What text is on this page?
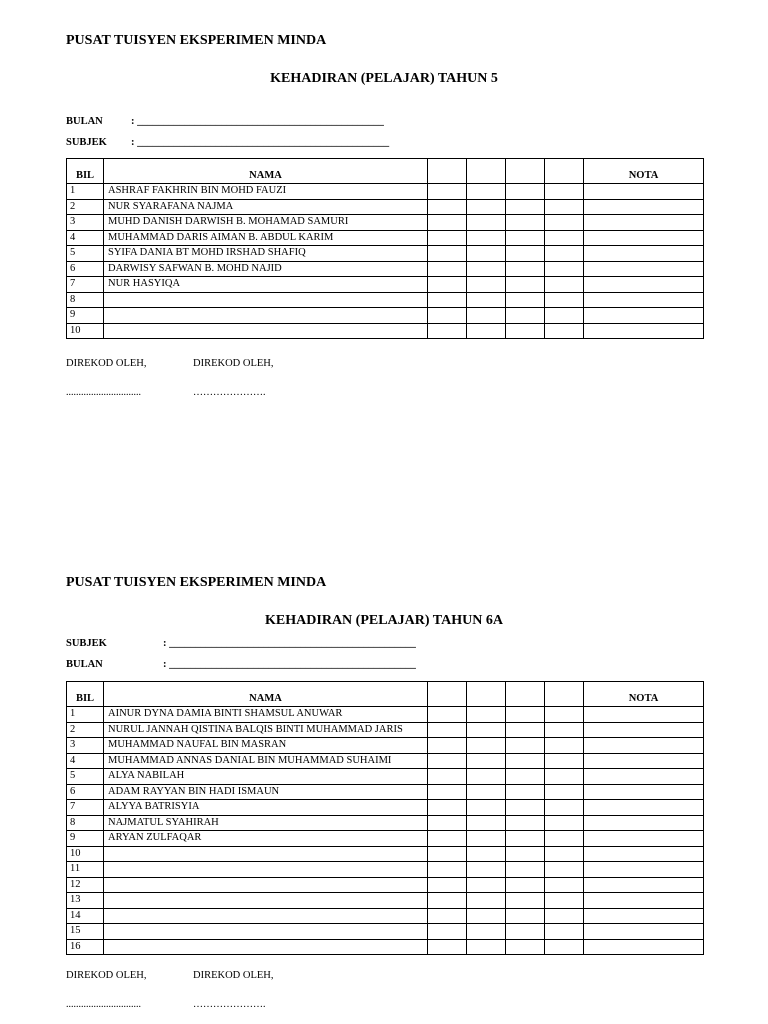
PUSAT TUISYEN EKSPERIMEN MINDA
KEHADIRAN (PELAJAR) TAHUN 5
BULAN	: _______________________________________________
SUBJEK : ________________________________________________
BIL	NAMA					NOTA
1	ASHRAF FAKHRIN BIN MOHD FAUZI					
2	NUR SYARAFANA NAJMA					
3	MUHD DANISH DARWISH B. MOHAMAD SAMURI					
4	MUHAMMAD DARIS AIMAN B. ABDUL KARIM					
5	SYIFA DANIA BT MOHD IRSHAD SHAFIQ					
6	DARWISY SAFWAN B. MOHD NAJID					
7	NUR HASYIQA					
8						
9						
10						
DIREKOD OLEH,	DIREKOD OLEH,
..............................	………………….
PUSAT TUISYEN EKSPERIMEN MINDA
KEHADIRAN (PELAJAR) TAHUN 6A
SUBJEK	: _______________________________________________
BULAN	: _______________________________________________
BIL	NAMA					NOTA
1	AINUR DYNA DAMIA BINTI SHAMSUL ANUWAR					
2	NURUL JANNAH QISTINA BALQIS BINTI MUHAMMAD JARIS					
3	MUHAMMAD NAUFAL BIN MASRAN					
4	MUHAMMAD ANNAS DANIAL BIN MUHAMMAD SUHAIMI					
5	ALYA NABILAH					
6	ADAM RAYYAN BIN HADI ISMAUN					
7	ALYYA BATRISYIA					
8	NAJMATUL SYAHIRAH					
9	ARYAN ZULFAQAR					
10						
11						
12						
13						
14						
15						
16						
DIREKOD OLEH,	DIREKOD OLEH,
..............................	………………….
